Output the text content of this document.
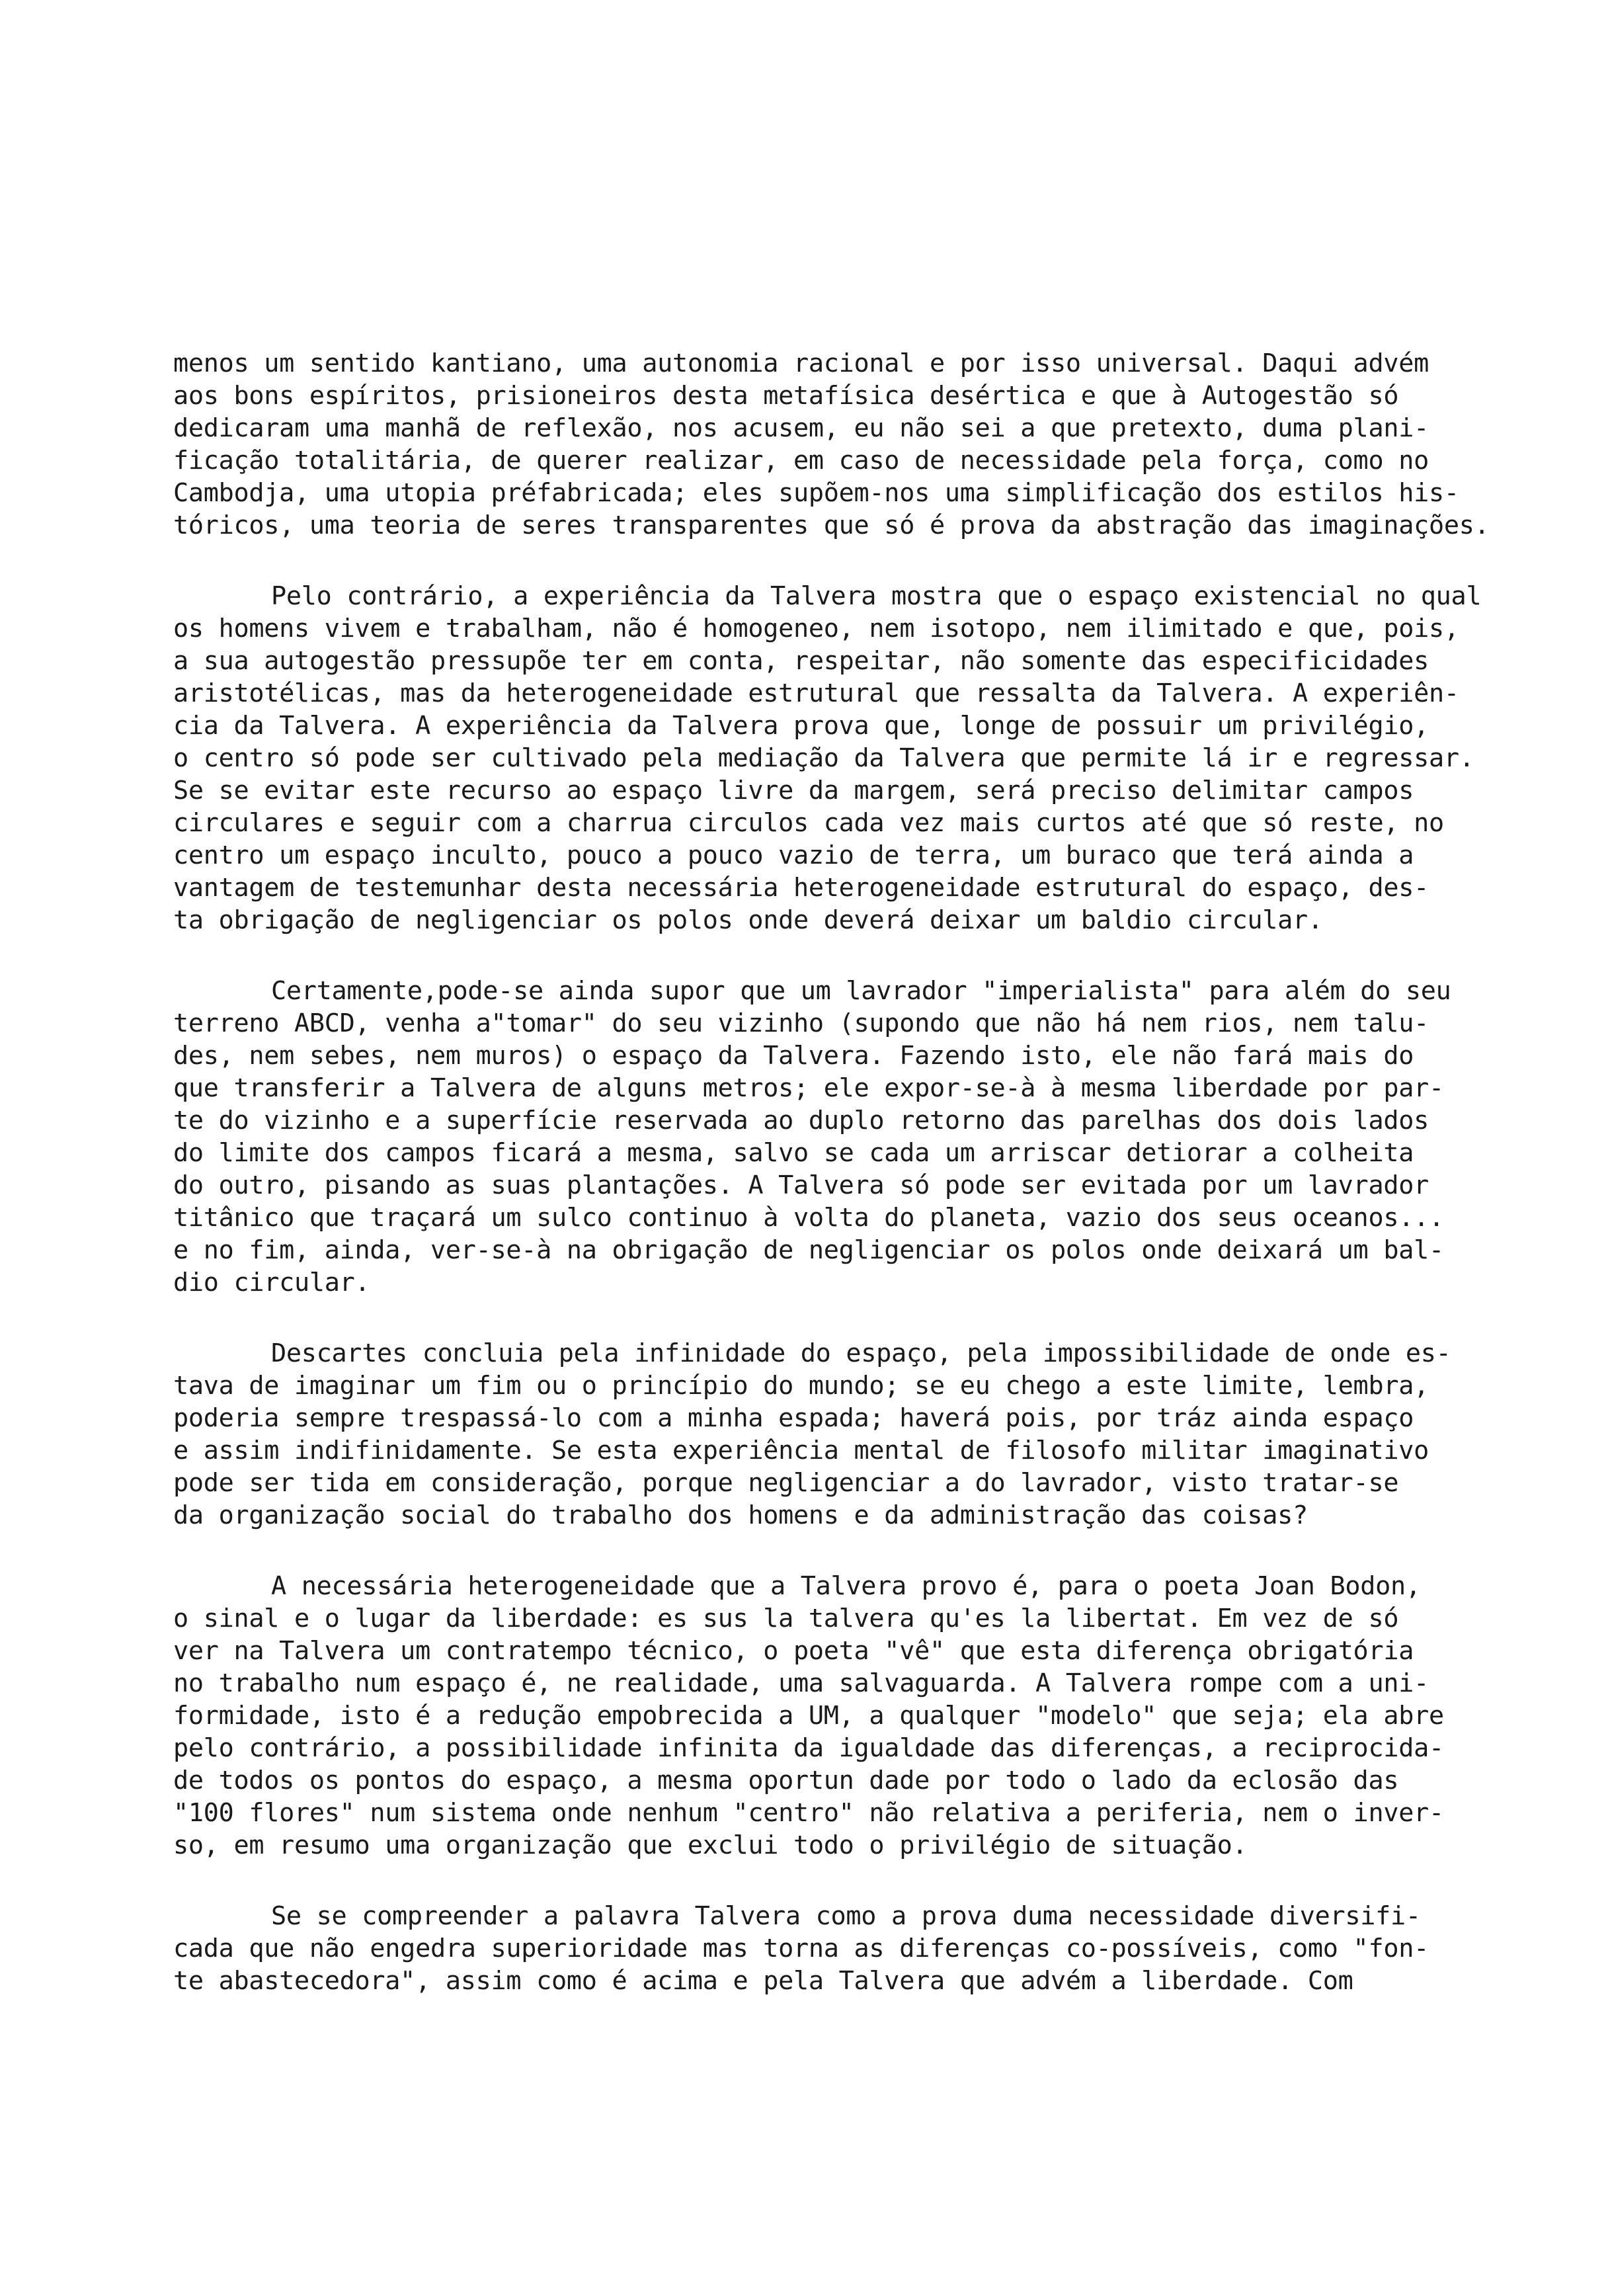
menos um sentido kantiano, uma autonomia racional e por isso universal. Daqui advém
aos bons espíritos, prisioneiros desta metafísica desértica e que à Autogestão só
dedicaram uma manhã de reflexão, nos acusem, eu não sei a que pretexto, duma plani-
ficação totalitária, de querer realizar, em caso de necessidade pela força, como no
Cambodja, uma utopia préfabricada; eles supõem-nos uma simplificação dos estilos his-
tóricos, uma teoria de seres transparentes que só é prova da abstração das imaginações.
Pelo contrário, a experiência da Talvera mostra que o espaço existencial no qual
os homens vivem e trabalham, não é homogeneo, nem isotopo, nem ilimitado e que, pois,
a sua autogestão pressupõe ter em conta, respeitar, não somente das especificidades
aristotélicas, mas da heterogeneidade estrutural que ressalta da Talvera. A experiên-
cia da Talvera. A experiência da Talvera prova que, longe de possuir um privilégio,
o centro só pode ser cultivado pela mediação da Talvera que permite lá ir e regressar.
Se se evitar este recurso ao espaço livre da margem, será preciso delimitar campos
circulares e seguir com a charrua circulos cada vez mais curtos até que só reste, no
centro um espaço inculto, pouco a pouco vazio de terra, um buraco que terá ainda a
vantagem de testemunhar desta necessária heterogeneidade estrutural do espaço, des-
ta obrigação de negligenciar os polos onde deverá deixar um baldio circular.
Certamente,pode-se ainda supor que um lavrador "imperialista" para além do seu
terreno ABCD, venha a"tomar" do seu vizinho (supondo que não há nem rios, nem talu-
des, nem sebes, nem muros) o espaço da Talvera. Fazendo isto, ele não fará mais do
que transferir a Talvera de alguns metros; ele expor-se-à à mesma liberdade por par-
te do vizinho e a superfície reservada ao duplo retorno das parelhas dos dois lados
do limite dos campos ficará a mesma, salvo se cada um arriscar detiorar a colheita
do outro, pisando as suas plantações. A Talvera só pode ser evitada por um lavrador
titânico que traçará um sulco continuo à volta do planeta, vazio dos seus oceanos...
e no fim, ainda, ver-se-à na obrigação de negligenciar os polos onde deixará um bal-
dio circular.
Descartes concluia pela infinidade do espaço, pela impossibilidade de onde es-
tava de imaginar um fim ou o princípio do mundo; se eu chego a este limite, lembra,
poderia sempre trespassá-lo com a minha espada; haverá pois, por tráz ainda espaço
e assim indifinidamente. Se esta experiência mental de filosofo militar imaginativo
pode ser tida em consideração, porque negligenciar a do lavrador, visto tratar-se
da organização social do trabalho dos homens e da administração das coisas?
A necessária heterogeneidade que a Talvera provo é, para o poeta Joan Bodon,
o sinal e o lugar da liberdade: es sus la talvera qu'es la libertat. Em vez de só
ver na Talvera um contratempo técnico, o poeta "vê" que esta diferença obrigatória
no trabalho num espaço é, ne realidade, uma salvaguarda. A Talvera rompe com a uni-
formidade, isto é a redução empobrecida a UM, a qualquer "modelo" que seja; ela abre
pelo contrário, a possibilidade infinita da igualdade das diferenças, a reciprocida-
de todos os pontos do espaço, a mesma oportun dade por todo o lado da eclosão das
"100 flores" num sistema onde nenhum "centro" não relativa a periferia, nem o inver-
so, em resumo uma organização que exclui todo o privilégio de situação.
Se se compreender a palavra Talvera como a prova duma necessidade diversifi-
cada que não engedra superioridade mas torna as diferenças co-possíveis, como "fon-
te abastecedora", assim como é acima e pela Talvera que advém a liberdade. Com
